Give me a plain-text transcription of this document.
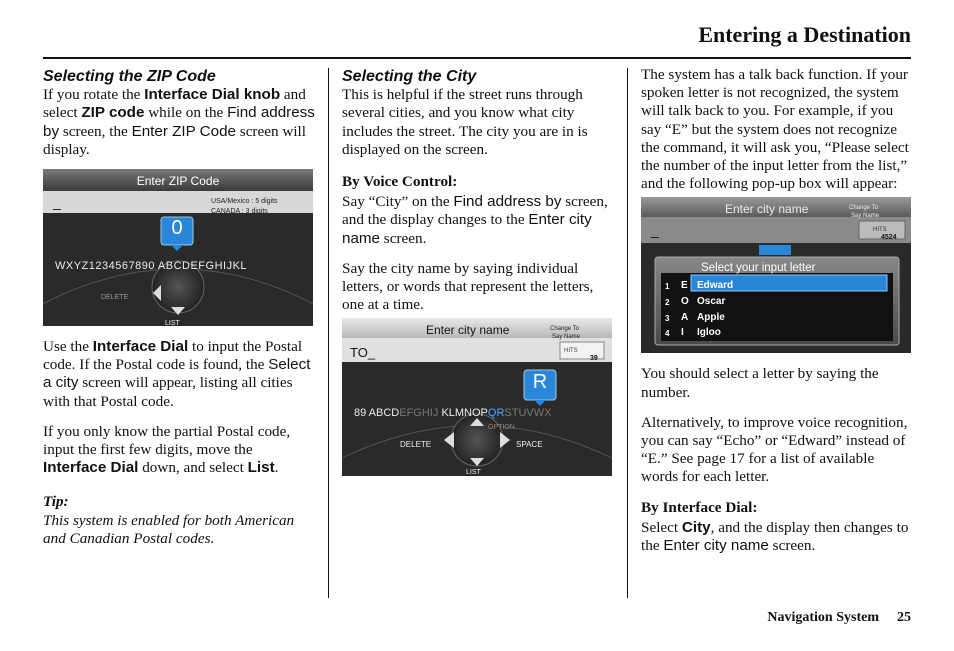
Entering a Destination
Selecting the ZIP Code

If you rotate the Interface Dial knob and select ZIP code while on the Find address by screen, the Enter ZIP Code screen will display.

Enter ZIP Code
USA/Mexico : 5 digits
CANADA : 3 digits
_
0
WXYZ1234567890 ABCDEFGHIJKL
DELETE
LIST

Use the Interface Dial to input the Postal code. If the Postal code is found, the Select a city screen will appear, listing all cities with that Postal code.

If you only know the partial Postal code, input the first few digits, move the Interface Dial down, and select List.

Tip:
This system is enabled for both American and Canadian Postal codes.
Selecting the City

This is helpful if the street runs through several cities, and you know what city includes the street. The city you are in is displayed on the screen.

By Voice Control:

Say “City” on the Find address by screen, and the display changes to the Enter city name screen.

Say the city name by saying individual letters, or words that represent the letters, one at a time.

Enter city name	Change To
Say Name
TO_	HITS
39
R
89 ABCDEFGHIJ KLMNOPQRSTUVWX
OPTION
DELETE	SPACE
LIST

The system has a talk back function. If your spoken letter is not recognized, the system will talk back to you. For example, if you say “E” but the system does not recognize the command, it will ask you, “Please select the number of the input letter from the list,” and the following pop-up box will appear:

Enter city name	Change To
Say Name
_	HITS
4524
Select your input letter
1 E Edward
2 O Oscar
3 A Apple
4 I Igloo

You should select a letter by saying the number.

Alternatively, to improve voice recognition, you can say “Echo” or “Edward” instead of “E.” See page 17 for a list of available words for each letter.

By Interface Dial:

Select City, and the display then changes to the Enter city name screen.

Navigation System 25
